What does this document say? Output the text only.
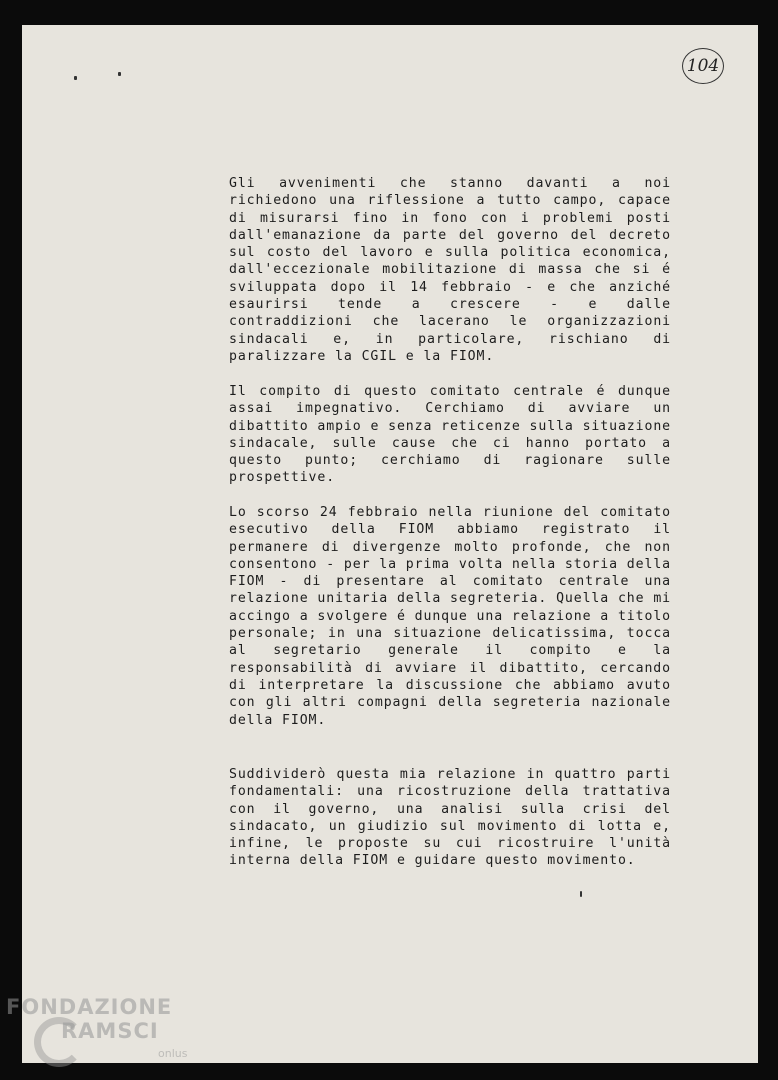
104

Gli avvenimenti che stanno davanti a noi richiedono una riflessione a tutto campo, capace di misurarsi fino in fono con i problemi posti dall'emanazione da parte del governo del decreto sul costo del lavoro e sulla politica economica, dall'eccezionale mobilitazione di massa che si é sviluppata dopo il 14 febbraio - e che anziché esaurirsi tende a crescere - e dalle contraddizioni che lacerano le organizzazioni sindacali e, in particolare, rischiano di paralizzare la CGIL e la FIOM.

Il compito di questo comitato centrale é dunque assai impegnativo. Cerchiamo di avviare un dibattito ampio e senza reticenze sulla situazione sindacale, sulle cause che ci hanno portato a questo punto; cerchiamo di ragionare sulle prospettive.

Lo scorso 24 febbraio nella riunione del comitato esecutivo della FIOM abbiamo registrato il permanere di divergenze molto profonde, che non consentono - per la prima volta nella storia della FIOM - di presentare al comitato centrale una relazione unitaria della segreteria. Quella che mi accingo a svolgere é dunque una relazione a titolo personale; in una situazione delicatissima, tocca al segretario generale il compito e la responsabilità di avviare il dibattito, cercando di interpretare la discussione che abbiamo avuto con gli altri compagni della segreteria nazionale della FIOM.

Suddividerò questa mia relazione in quattro parti fondamentali: una ricostruzione della trattativa con il governo, una analisi sulla crisi del sindacato, un giudizio sul movimento di lotta e, infine, le proposte su cui ricostruire l'unità interna della FIOM e guidare questo movimento.

FONDAZIONE
RAMSCI
onlus
